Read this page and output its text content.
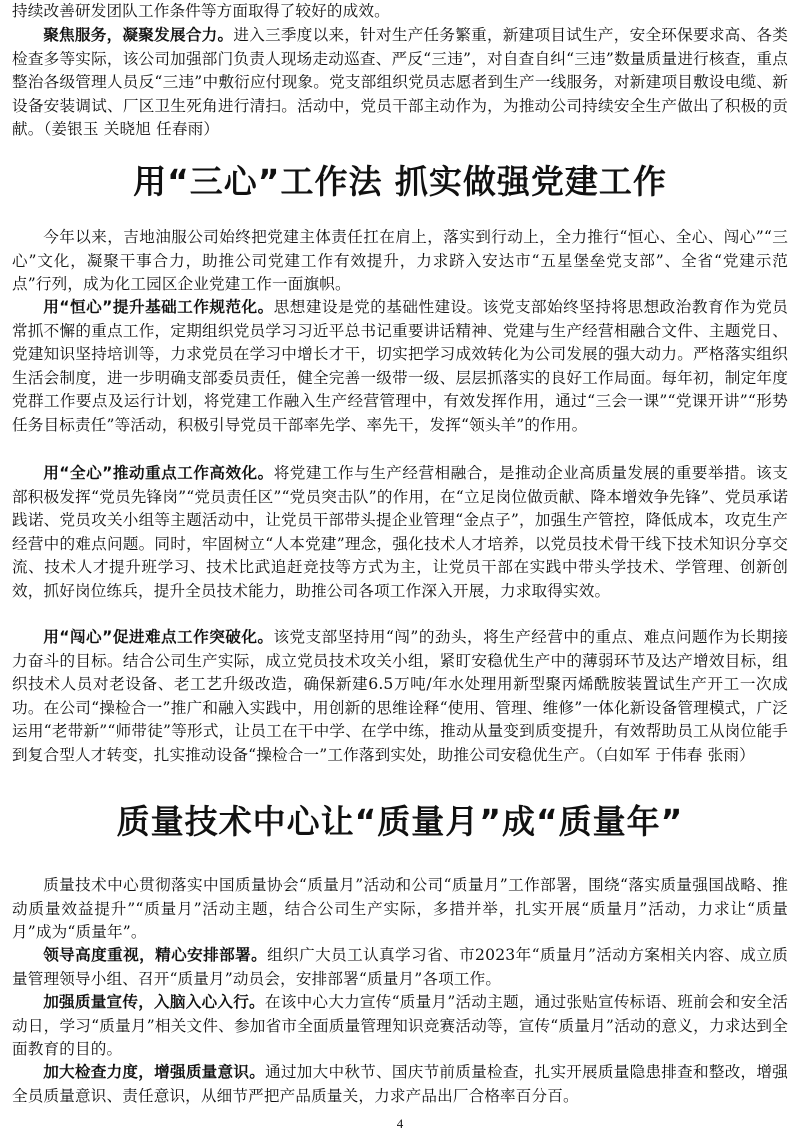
持续改善研发团队工作条件等方面取得了较好的成效。

聚焦服务，凝聚发展合力。进入三季度以来，针对生产任务繁重，新建项目试生产，安全环保要求高、各类检查多等实际，该公司加强部门负责人现场走动巡查、严反“三违”，对自查自纠“三违”数量质量进行核查，重点整治各级管理人员反“三违”中敷衍应付现象。党支部组织党员志愿者到生产一线服务，对新建项目敷设电缆、新设备安装调试、厂区卫生死角进行清扫。活动中，党员干部主动作为，为推动公司持续安全生产做出了积极的贡献。（姜银玉 关晓旭 任春雨）

用“三心”工作法 抓实做强党建工作

今年以来，吉地油服公司始终把党建主体责任扛在肩上，落实到行动上，全力推行“恒心、全心、闯心”“三心”文化，凝聚干事合力，助推公司党建工作有效提升，力求跻入安达市“五星堡垒党支部”、全省“党建示范点”行列，成为化工园区企业党建工作一面旗帜。

用“恒心”提升基础工作规范化。思想建设是党的基础性建设。该党支部始终坚持将思想政治教育作为党员常抓不懈的重点工作，定期组织党员学习习近平总书记重要讲话精神、党建与生产经营相融合文件、主题党日、党建知识坚持培训等，力求党员在学习中增长才干，切实把学习成效转化为公司发展的强大动力。严格落实组织生活会制度，进一步明确支部委员责任，健全完善一级带一级、层层抓落实的良好工作局面。每年初，制定年度党群工作要点及运行计划，将党建工作融入生产经营管理中，有效发挥作用，通过“三会一课”“党课开讲”“形势任务目标责任”等活动，积极引导党员干部率先学、率先干，发挥“领头羊”的作用。

用“全心”推动重点工作高效化。将党建工作与生产经营相融合，是推动企业高质量发展的重要举措。该支部积极发挥“党员先锋岗”“党员责任区”“党员突击队”的作用，在“立足岗位做贡献、降本增效争先锋”、党员承诺践诺、党员攻关小组等主题活动中，让党员干部带头提企业管理“金点子”，加强生产管控，降低成本，攻克生产经营中的难点问题。同时，牢固树立“人本党建”理念，强化技术人才培养，以党员技术骨干线下技术知识分享交流、技术人才提升班学习、技术比武追赶竞技等方式为主，让党员干部在实践中带头学技术、学管理、创新创效，抓好岗位练兵，提升全员技术能力，助推公司各项工作深入开展，力求取得实效。

用“闯心”促进难点工作突破化。该党支部坚持用“闯”的劲头，将生产经营中的重点、难点问题作为长期接力奋斗的目标。结合公司生产实际，成立党员技术攻关小组，紧盯安稳优生产中的薄弱环节及达产增效目标，组织技术人员对老设备、老工艺升级改造，确保新建6.5万吨/年水处理用新型聚丙烯酰胺装置试生产开工一次成功。在公司“操检合一”推广和融入实践中，用创新的思维诠释“使用、管理、维修”一体化新设备管理模式，广泛运用“老带新”“师带徒”等形式，让员工在干中学、在学中练，推动从量变到质变提升，有效帮助员工从岗位能手到复合型人才转变，扎实推动设备“操检合一”工作落到实处，助推公司安稳优生产。（白如军 于伟春 张雨）

质量技术中心让“质量月”成“质量年”

质量技术中心贯彻落实中国质量协会“质量月”活动和公司“质量月”工作部署，围绕“落实质量强国战略、推动质量效益提升”“质量月”活动主题，结合公司生产实际，多措并举，扎实开展“质量月”活动，力求让“质量月”成为“质量年”。

领导高度重视，精心安排部署。组织广大员工认真学习省、市2023年“质量月”活动方案相关内容、成立质量管理领导小组、召开“质量月”动员会，安排部署“质量月”各项工作。

加强质量宣传，入脑入心入行。在该中心大力宣传“质量月”活动主题，通过张贴宣传标语、班前会和安全活动日，学习“质量月”相关文件、参加省市全面质量管理知识竞赛活动等，宣传“质量月”活动的意义，力求达到全面教育的目的。

加大检查力度，增强质量意识。通过加大中秋节、国庆节前质量检查，扎实开展质量隐患排查和整改，增强全员质量意识、责任意识，从细节严把产品质量关，力求产品出厂合格率百分百。

4
